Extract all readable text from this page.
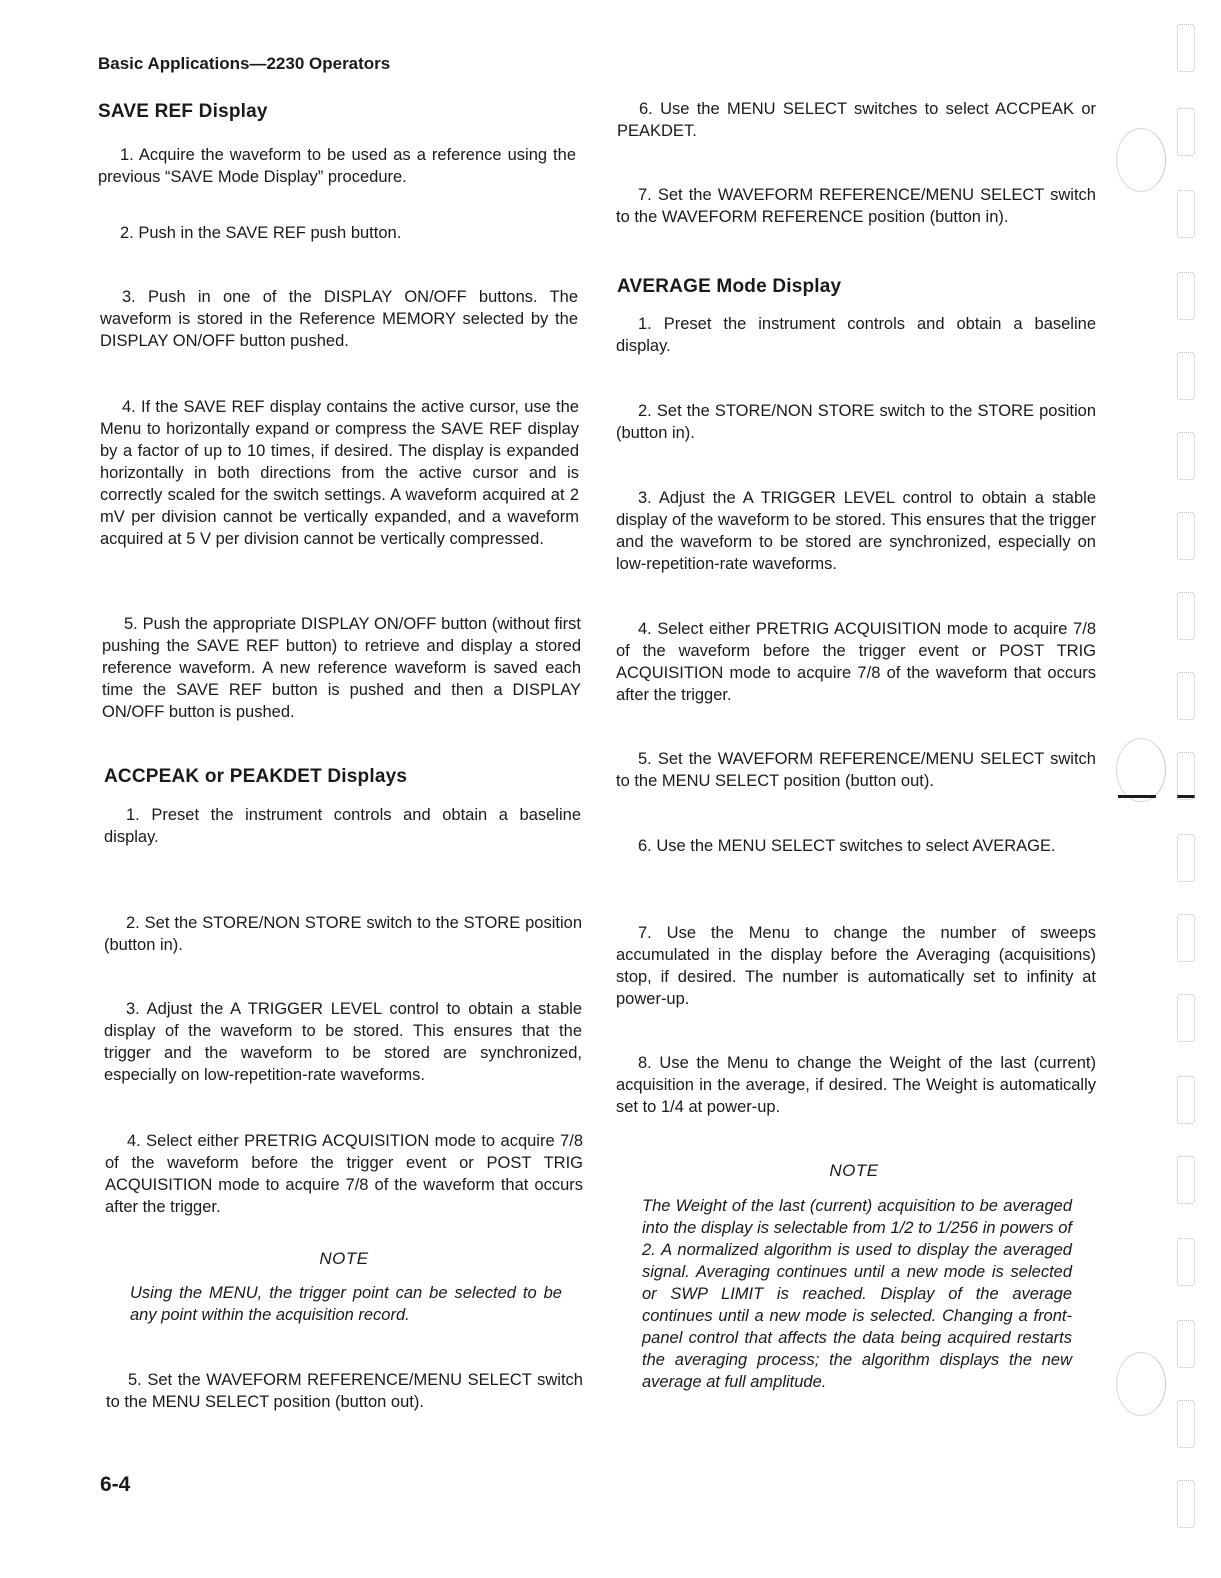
Basic Applications—2230 Operators

SAVE REF Display

1. Acquire the waveform to be used as a reference using the previous “SAVE Mode Display” procedure.

2. Push in the SAVE REF push button.

3. Push in one of the DISPLAY ON/OFF buttons. The waveform is stored in the Reference MEMORY selected by the DISPLAY ON/OFF button pushed.

4. If the SAVE REF display contains the active cursor, use the Menu to horizontally expand or compress the SAVE REF display by a factor of up to 10 times, if desired. The display is expanded horizontally in both directions from the active cursor and is correctly scaled for the switch settings. A waveform acquired at 2 mV per division cannot be vertically expanded, and a waveform acquired at 5 V per division cannot be vertically compressed.

5. Push the appropriate DISPLAY ON/OFF button (without first pushing the SAVE REF button) to retrieve and display a stored reference waveform. A new reference waveform is saved each time the SAVE REF button is pushed and then a DISPLAY ON/OFF button is pushed.

ACCPEAK or PEAKDET Displays

1. Preset the instrument controls and obtain a baseline display.

2. Set the STORE/NON STORE switch to the STORE position (button in).

3. Adjust the A TRIGGER LEVEL control to obtain a stable display of the waveform to be stored. This ensures that the trigger and the waveform to be stored are synchronized, especially on low-repetition-rate waveforms.

4. Select either PRETRIG ACQUISITION mode to acquire 7/8 of the waveform before the trigger event or POST TRIG ACQUISITION mode to acquire 7/8 of the waveform that occurs after the trigger.

NOTE

Using the MENU, the trigger point can be selected to be any point within the acquisition record.

5. Set the WAVEFORM REFERENCE/MENU SELECT switch to the MENU SELECT position (button out).

6. Use the MENU SELECT switches to select ACCPEAK or PEAKDET.

7. Set the WAVEFORM REFERENCE/MENU SELECT switch to the WAVEFORM REFERENCE position (button in).

AVERAGE Mode Display

1. Preset the instrument controls and obtain a baseline display.

2. Set the STORE/NON STORE switch to the STORE position (button in).

3. Adjust the A TRIGGER LEVEL control to obtain a stable display of the waveform to be stored. This ensures that the trigger and the waveform to be stored are synchronized, especially on low-repetition-rate waveforms.

4. Select either PRETRIG ACQUISITION mode to acquire 7/8 of the waveform before the trigger event or POST TRIG ACQUISITION mode to acquire 7/8 of the waveform that occurs after the trigger.

5. Set the WAVEFORM REFERENCE/MENU SELECT switch to the MENU SELECT position (button out).

6. Use the MENU SELECT switches to select AVERAGE.

7. Use the Menu to change the number of sweeps accumulated in the display before the Averaging (acquisitions) stop, if desired. The number is automatically set to infinity at power-up.

8. Use the Menu to change the Weight of the last (current) acquisition in the average, if desired. The Weight is automatically set to 1/4 at power-up.

NOTE

The Weight of the last (current) acquisition to be averaged into the display is selectable from 1/2 to 1/256 in powers of 2. A normalized algorithm is used to display the averaged signal. Averaging continues until a new mode is selected or SWP LIMIT is reached. Display of the average continues until a new mode is selected. Changing a front-panel control that affects the data being acquired restarts the averaging process; the algorithm displays the new average at full amplitude.

6-4
